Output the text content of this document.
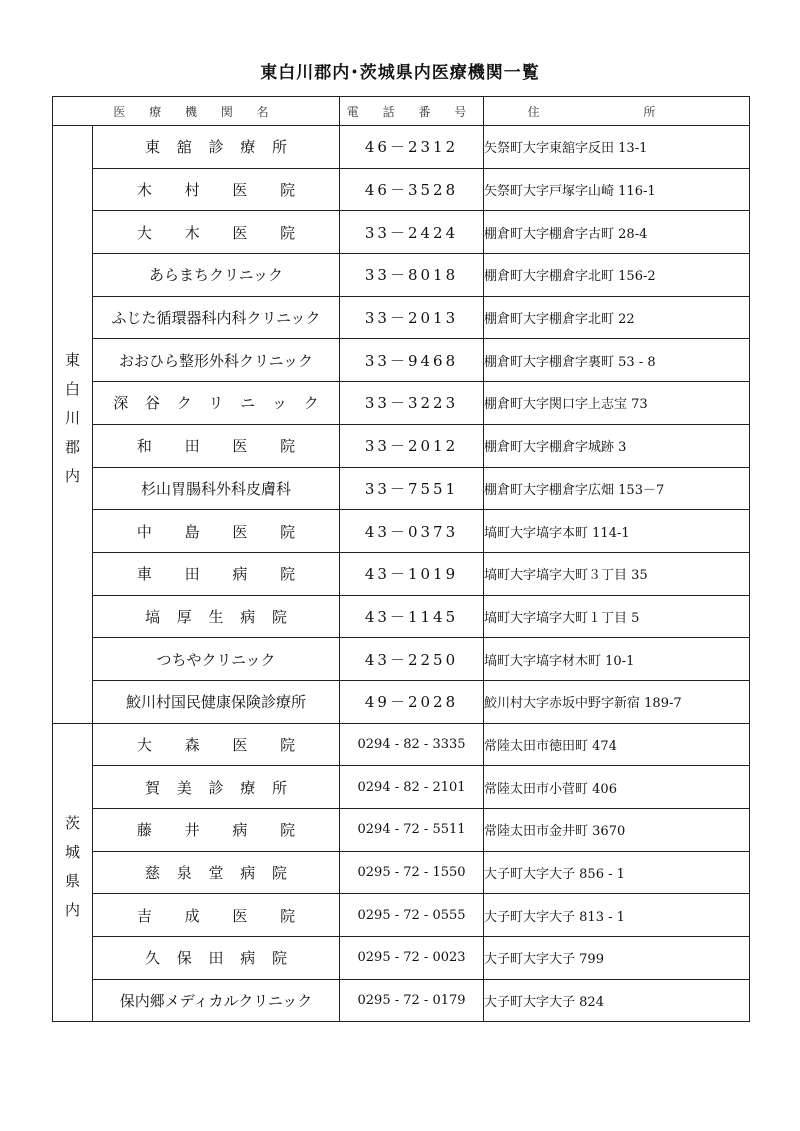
東白川郡内･茨城県内医療機関一覧
医 療 機 関 名		電 話 番 号	住 所
東白川郡内	東 舘 診 療 所	46－2312	矢祭町大字東舘字反田 13-1
	木 村 医 院	46－3528	矢祭町大字戸塚字山崎 116-1
	大 木 医 院	33－2424	棚倉町大字棚倉字古町 28-4
	あらまちクリニック	33－8018	棚倉町大字棚倉字北町 156-2
	ふじた循環器科内科クリニック	33－2013	棚倉町大字棚倉字北町 22
	おおひら整形外科クリニック	33－9468	棚倉町大字棚倉字裏町 53 - 8
	深 谷 ク リ ニ ッ ク	33－3223	棚倉町大字関口字上志宝 73
	和 田 医 院	33－2012	棚倉町大字棚倉字城跡 3
	杉山胃腸科外科皮膚科	33－7551	棚倉町大字棚倉字広畑 153－7
	中 島 医 院	43－0373	塙町大字塙字本町 114-1
	車 田 病 院	43－1019	塙町大字塙字大町３丁目 35
	塙 厚 生 病 院	43－1145	塙町大字塙字大町１丁目 5
	つちやクリニック	43－2250	塙町大字塙字材木町 10-1
	鮫川村国民健康保険診療所	49－2028	鮫川村大字赤坂中野字新宿 189-7
茨城県内	大 森 医 院	0294 - 82 - 3335	常陸太田市徳田町 474
	賀 美 診 療 所	0294 - 82 - 2101	常陸太田市小菅町 406
	藤 井 病 院	0294 - 72 - 5511	常陸太田市金井町 3670
	慈 泉 堂 病 院	0295 - 72 - 1550	大子町大字大子 856 - 1
	吉 成 医 院	0295 - 72 - 0555	大子町大字大子 813 - 1
	久 保 田 病 院	0295 - 72 - 0023	大子町大字大子 799
	保内郷メディカルクリニック	0295 - 72 - 0179	大子町大字大子 824
